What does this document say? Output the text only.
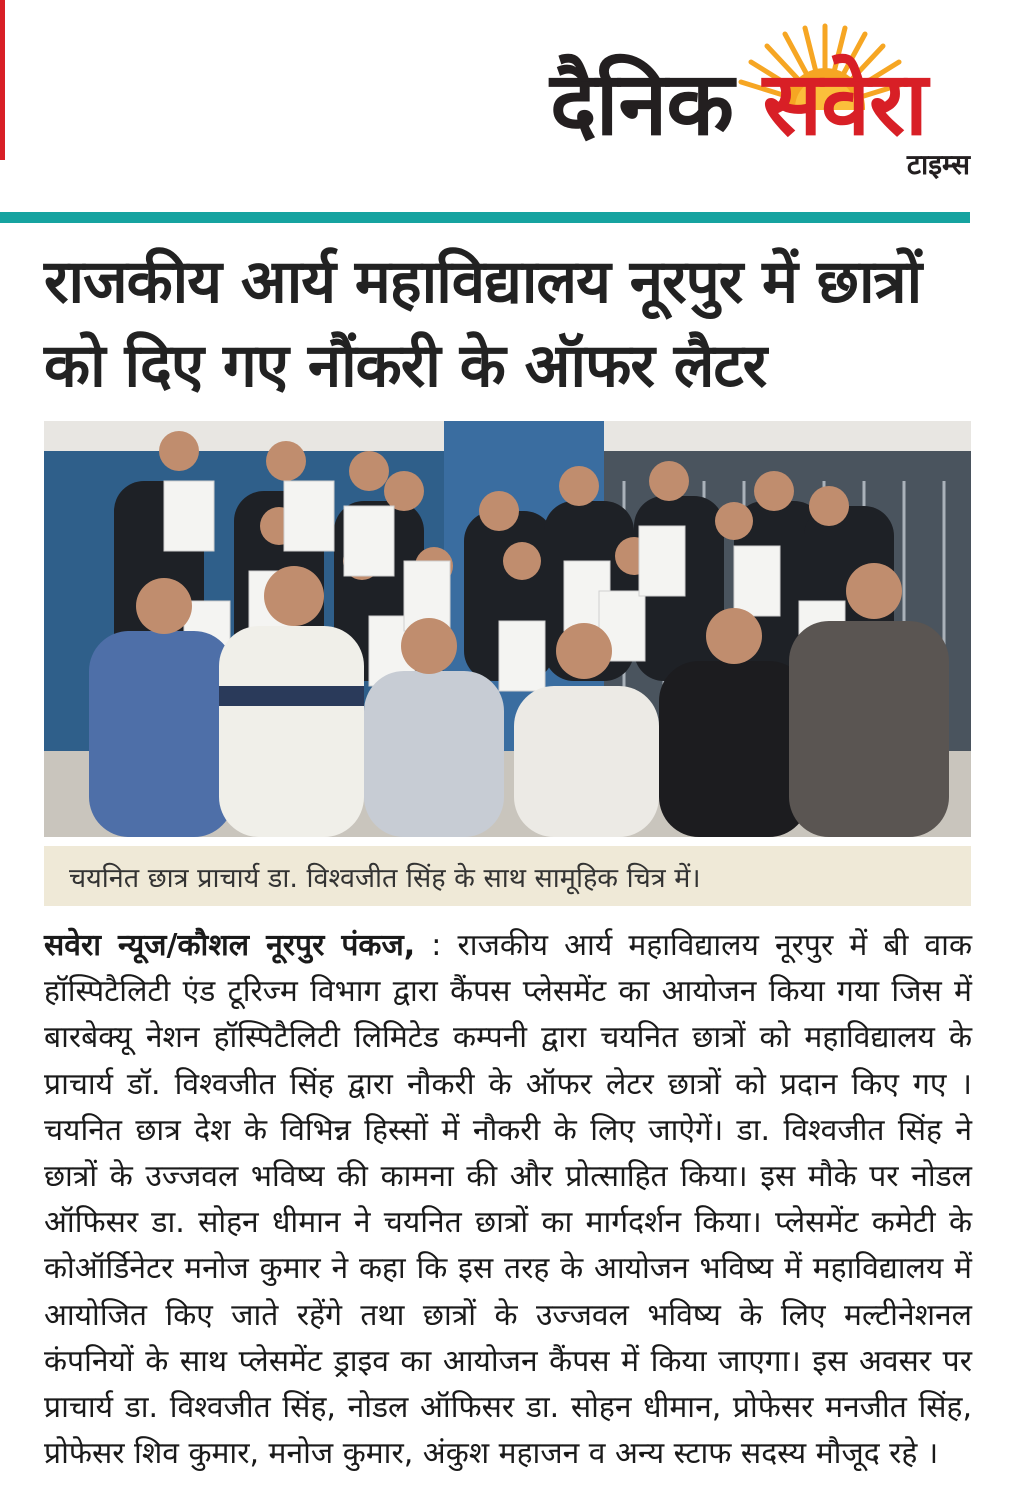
दैनिक सवेरा
टाइम्स
राजकीय आर्य महाविद्यालय नूरपुर में छात्रों को दिए गए नौंकरी के ऑफर लैटर
चयनित छात्र प्राचार्य डा. विश्वजीत सिंह के साथ सामूहिक चित्र में।

सवेरा न्यूज/कौशल नूरपुर पंकज, : राजकीय आर्य महाविद्यालय नूरपुर में बी वाक हॉस्पिटैलिटी एंड टूरिज्म विभाग द्वारा कैंपस प्लेसमेंट का आयोजन किया गया जिस में बारबेक्यू नेशन हॉस्पिटैलिटी लिमिटेड कम्पनी द्वारा चयनित छात्रों को महाविद्यालय के प्राचार्य डॉ. विश्वजीत सिंह द्वारा नौकरी के ऑफर लेटर छात्रों को प्रदान किए गए । चयनित छात्र देश के विभिन्न हिस्सों में नौकरी के लिए जाऐगें। डा. विश्वजीत सिंह ने छात्रों के उज्जवल भविष्य की कामना की और प्रोत्साहित किया। इस मौके पर नोडल ऑफिसर डा. सोहन धीमान ने चयनित छात्रों का मार्गदर्शन किया। प्लेसमेंट कमेटी के कोऑर्डिनेटर मनोज कुमार ने कहा कि इस तरह के आयोजन भविष्य में महाविद्यालय में आयोजित किए जाते रहेंगे तथा छात्रों के उज्जवल भविष्य के लिए मल्टीनेशनल कंपनियों के साथ प्लेसमेंट ड्राइव का आयोजन कैंपस में किया जाएगा। इस अवसर पर प्राचार्य डा. विश्वजीत सिंह, नोडल ऑफिसर डा. सोहन धीमान, प्रोफेसर मनजीत सिंह, प्रोफेसर शिव कुमार, मनोज कुमार, अंकुश महाजन व अन्य स्टाफ सदस्य मौजूद रहे ।
